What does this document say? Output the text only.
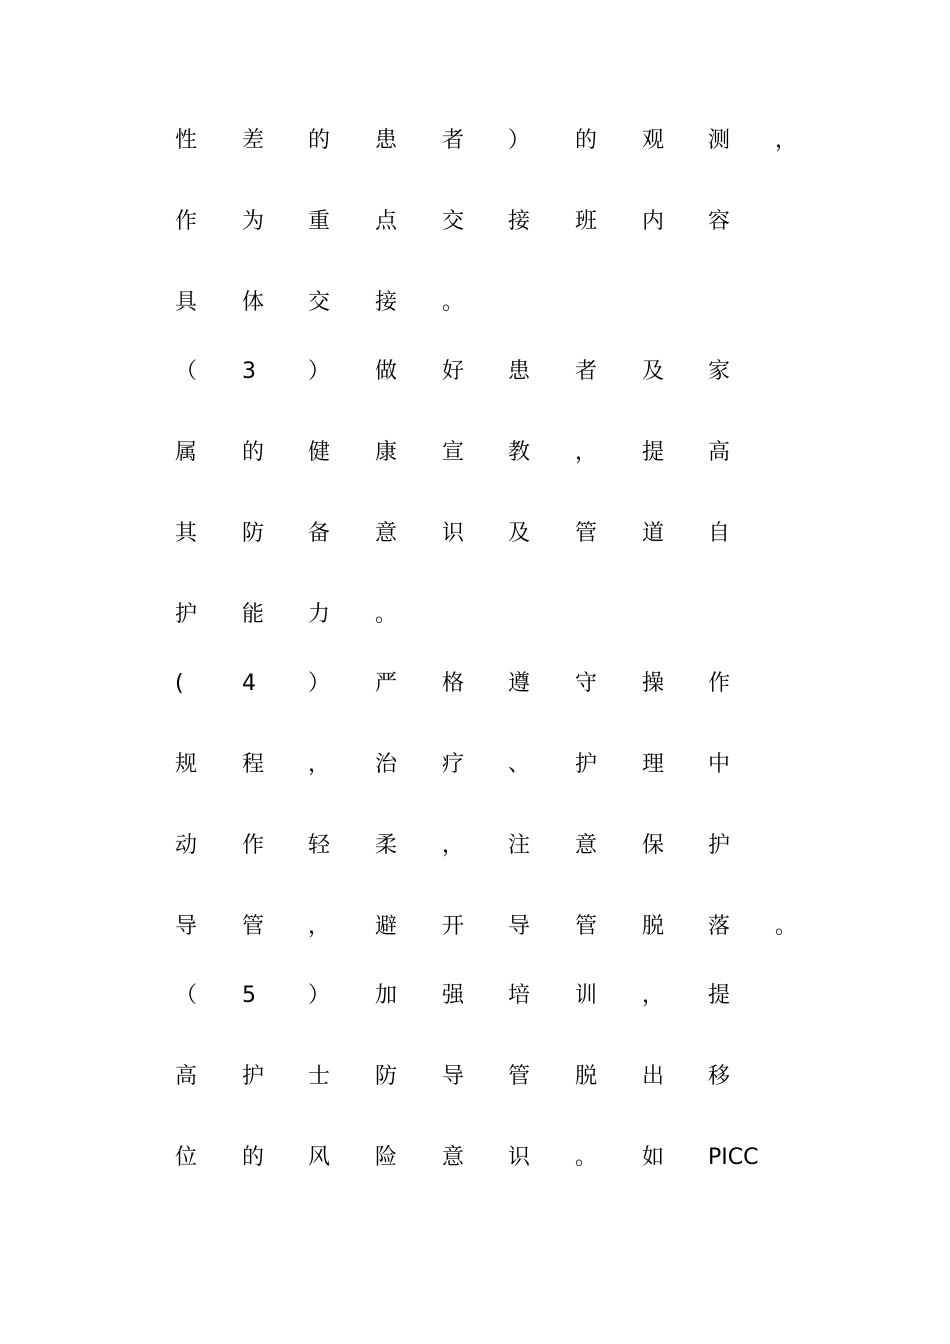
性	差	的	患	者	）	的	观	测	，
作	为	重	点	交	接	班	内	容
具	体	交	接	。
（	3	）	做	好	患	者	及	家
属	的	健	康	宣	教	，	提	高
其	防	备	意	识	及	管	道	自
护	能	力	。
(	4	）	严	格	遵	守	操	作
规	程	，	治	疗	、	护	理	中
动	作	轻	柔	，	注	意	保	护
导	管	，	避	开	导	管	脱	落	。
（	5	）	加	强	培	训	，	提
高	护	士	防	导	管	脱	出	移
位	的	风	险	意	识	。	如	PICC
